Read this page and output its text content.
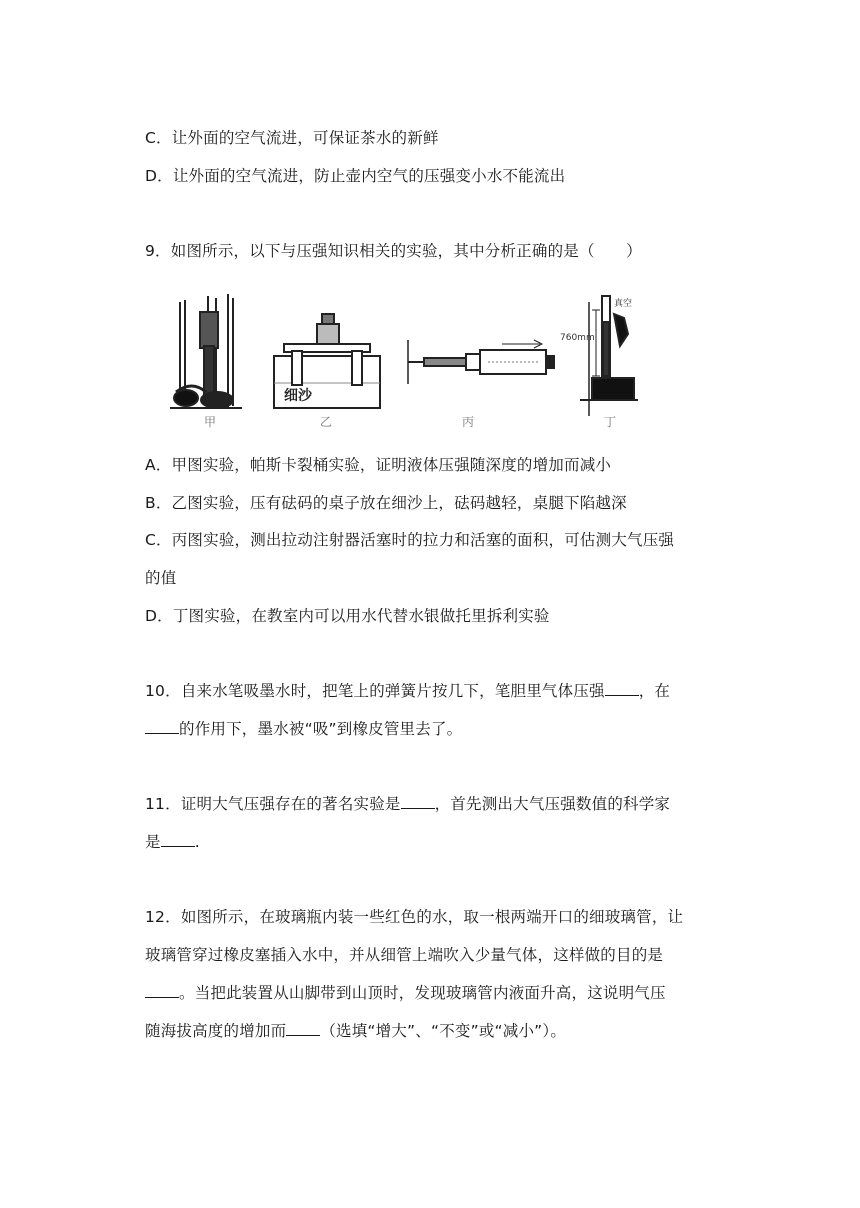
C．让外面的空气流进，可保证茶水的新鲜
D．让外面的空气流进，防止壶内空气的压强变小水不能流出
9．如图所示，以下与压强知识相关的实验，其中分析正确的是（　　）
细沙
真空
760mm
甲	乙	丙	丁
A．甲图实验，帕斯卡裂桶实验，证明液体压强随深度的增加而减小
B．乙图实验，压有砝码的桌子放在细沙上，砝码越轻，桌腿下陷越深
C．丙图实验，测出拉动注射器活塞时的拉力和活塞的面积，可估测大气压强
的值
D．丁图实验，在教室内可以用水代替水银做托里拆利实验
10．自来水笔吸墨水时，把笔上的弹簧片按几下，笔胆里气体压强 ，在
的作用下，墨水被“吸”到橡皮管里去了。
11．证明大气压强存在的著名实验是 ，首先测出大气压强数值的科学家
是 .
12．如图所示，在玻璃瓶内装一些红色的水，取一根两端开口的细玻璃管，让
玻璃管穿过橡皮塞插入水中，并从细管上端吹入少量气体，这样做的目的是
。当把此装置从山脚带到山顶时，发现玻璃管内液面升高，这说明气压
随海拔高度的增加而 （选填“增大”、“不变”或“减小”）。
